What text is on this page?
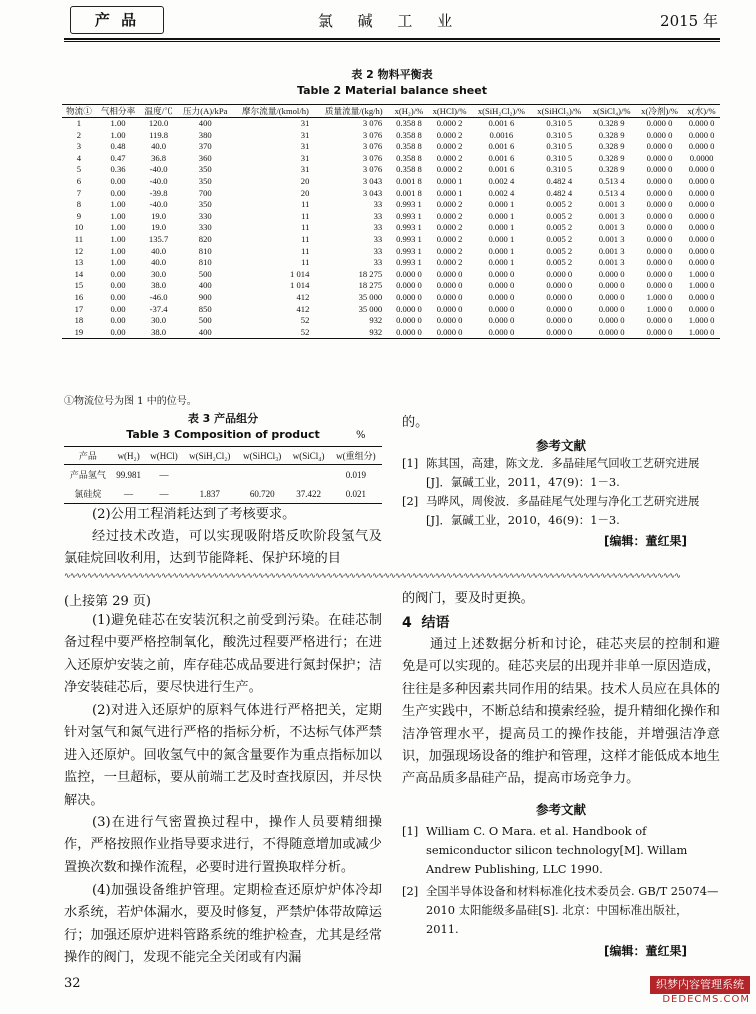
产 品	氯 碱 工 业	2015 年
表 2 物料平衡表
Table 2 Material balance sheet
物流①	气相分率	温度/℃	压力(A)/kPa	摩尔流量/(kmol/h)	质量流量/(kg/h)	x(H₂)/%	x(HCl)/%	x(SiH₂Cl₂)/%	x(SiHCl₃)/%	x(SiCl₄)/%	x(冷剂)/%	x(水)/%
1	1.00	120.0	400	31	3 076	0.358 8	0.000 2	0.001 6	0.310 5	0.328 9	0.000 0	0.000 0
2	1.00	119.8	380	31	3 076	0.358 8	0.000 2	0.0016	0.310 5	0.328 9	0.000 0	0.000 0
3	0.48	40.0	370	31	3 076	0.358 8	0.000 2	0.001 6	0.310 5	0.328 9	0.000 0	0.000 0
4	0.47	36.8	360	31	3 076	0.358 8	0.000 2	0.001 6	0.310 5	0.328 9	0.000 0	0.0000
5	0.36	-40.0	350	31	3 076	0.358 8	0.000 2	0.001 6	0.310 5	0.328 9	0.000 0	0.000 0
6	0.00	-40.0	350	20	3 043	0.001 8	0.000 1	0.002 4	0.482 4	0.513 4	0.000 0	0.000 0
7	0.00	-39.8	700	20	3 043	0.001 8	0.000 1	0.002 4	0.482 4	0.513 4	0.000 0	0.000 0
8	1.00	-40.0	350	11	33	0.993 1	0.000 2	0.000 1	0.005 2	0.001 3	0.000 0	0.000 0
9	1.00	19.0	330	11	33	0.993 1	0.000 2	0.000 1	0.005 2	0.001 3	0.000 0	0.000 0
10	1.00	19.0	330	11	33	0.993 1	0.000 2	0.000 1	0.005 2	0.001 3	0.000 0	0.000 0
11	1.00	135.7	820	11	33	0.993 1	0.000 2	0.000 1	0.005 2	0.001 3	0.000 0	0.000 0
12	1.00	40.0	810	11	33	0.993 1	0.000 2	0.000 1	0.005 2	0.001 3	0.000 0	0.000 0
13	1.00	40.0	810	11	33	0.993 1	0.000 2	0.000 1	0.005 2	0.001 3	0.000 0	0.000 0
14	0.00	30.0	500	1 014	18 275	0.000 0	0.000 0	0.000 0	0.000 0	0.000 0	0.000 0	1.000 0
15	0.00	38.0	400	1 014	18 275	0.000 0	0.000 0	0.000 0	0.000 0	0.000 0	0.000 0	1.000 0
16	0.00	-46.0	900	412	35 000	0.000 0	0.000 0	0.000 0	0.000 0	0.000 0	1.000 0	0.000 0
17	0.00	-37.4	850	412	35 000	0.000 0	0.000 0	0.000 0	0.000 0	0.000 0	1.000 0	0.000 0
18	0.00	30.0	500	52	932	0.000 0	0.000 0	0.000 0	0.000 0	0.000 0	0.000 0	1.000 0
19	0.00	38.0	400	52	932	0.000 0	0.000 0	0.000 0	0.000 0	0.000 0	0.000 0	1.000 0
①物流位号为图 1 中的位号。
表 3 产品组分
Table 3 Composition of product	%
产品	w(H₂)	w(HCl)	w(SiH₂Cl₂)	w(SiHCl₃)	w(SiCl₄)	w(重组分)
产品氢气	99.981	—				0.019
氯硅烷	—	—	1.837	60.720	37.422	0.021

(2)公用工程消耗达到了考核要求。

经过技术改造，可以实现吸附塔反吹阶段氢气及氯硅烷回收利用，达到节能降耗、保护环境的目

的。

参考文献
[1] 陈其国，高建，陈文龙．多晶硅尾气回收工艺研究进展[J]．氯碱工业，2011，47(9)：1－3.
[2] 马晔风，周俊波．多晶硅尾气处理与净化工艺研究进展[J]．氯碱工业，2010，46(9)：1－3.
[编辑：董红果]
∿∿∿∿∿∿∿∿∿∿∿∿∿∿∿∿∿∿∿∿∿∿∿∿∿∿∿∿∿∿∿∿∿∿∿∿∿∿∿∿∿∿∿∿∿∿∿∿∿∿∿∿∿∿∿∿∿∿∿∿∿∿∿∿∿∿∿∿∿∿∿∿∿∿∿∿∿∿∿∿∿∿∿∿∿∿∿∿∿∿∿∿∿∿∿∿∿∿∿∿∿∿∿∿∿∿∿∿
(上接第 29 页)

(1)避免硅芯在安装沉积之前受到污染。在硅芯制备过程中要严格控制氧化，酸洗过程要严格进行；在进入还原炉安装之前，库存硅芯成品要进行氮封保护；洁净安装硅芯后，要尽快进行生产。

(2)对进入还原炉的原料气体进行严格把关，定期针对氢气和氮气进行严格的指标分析，不达标气体严禁进入还原炉。回收氢气中的氮含量要作为重点指标加以监控，一旦超标，要从前端工艺及时查找原因，并尽快解决。

(3)在进行气密置换过程中，操作人员要精细操作，严格按照作业指导要求进行，不得随意增加或减少置换次数和操作流程，必要时进行置换取样分析。

(4)加强设备维护管理。定期检查还原炉炉体冷却水系统，若炉体漏水，要及时修复，严禁炉体带故障运行；加强还原炉进料管路系统的维护检查，尤其是经常操作的阀门，发现不能完全关闭或有内漏

的阀门，要及时更换。

4 结语

通过上述数据分析和讨论，硅芯夹层的控制和避免是可以实现的。硅芯夹层的出现并非单一原因造成，往往是多种因素共同作用的结果。技术人员应在具体的生产实践中，不断总结和摸索经验，提升精细化操作和洁净管理水平，提高员工的操作技能，并增强洁净意识，加强现场设备的维护和管理，这样才能低成本地生产高品质多晶硅产品，提高市场竞争力。

参考文献
[1] William C. O Mara. et al. Handbook of semiconductor silicon technology[M]. Willam Andrew Publishing, LLC 1990.
[2] 全国半导体设备和材料标准化技术委员会. GB/T 25074—2010 太阳能级多晶硅[S]. 北京：中国标准出版社，2011.
[编辑：董红果]
32	织梦内容管理系统
DEDECMS.COM
